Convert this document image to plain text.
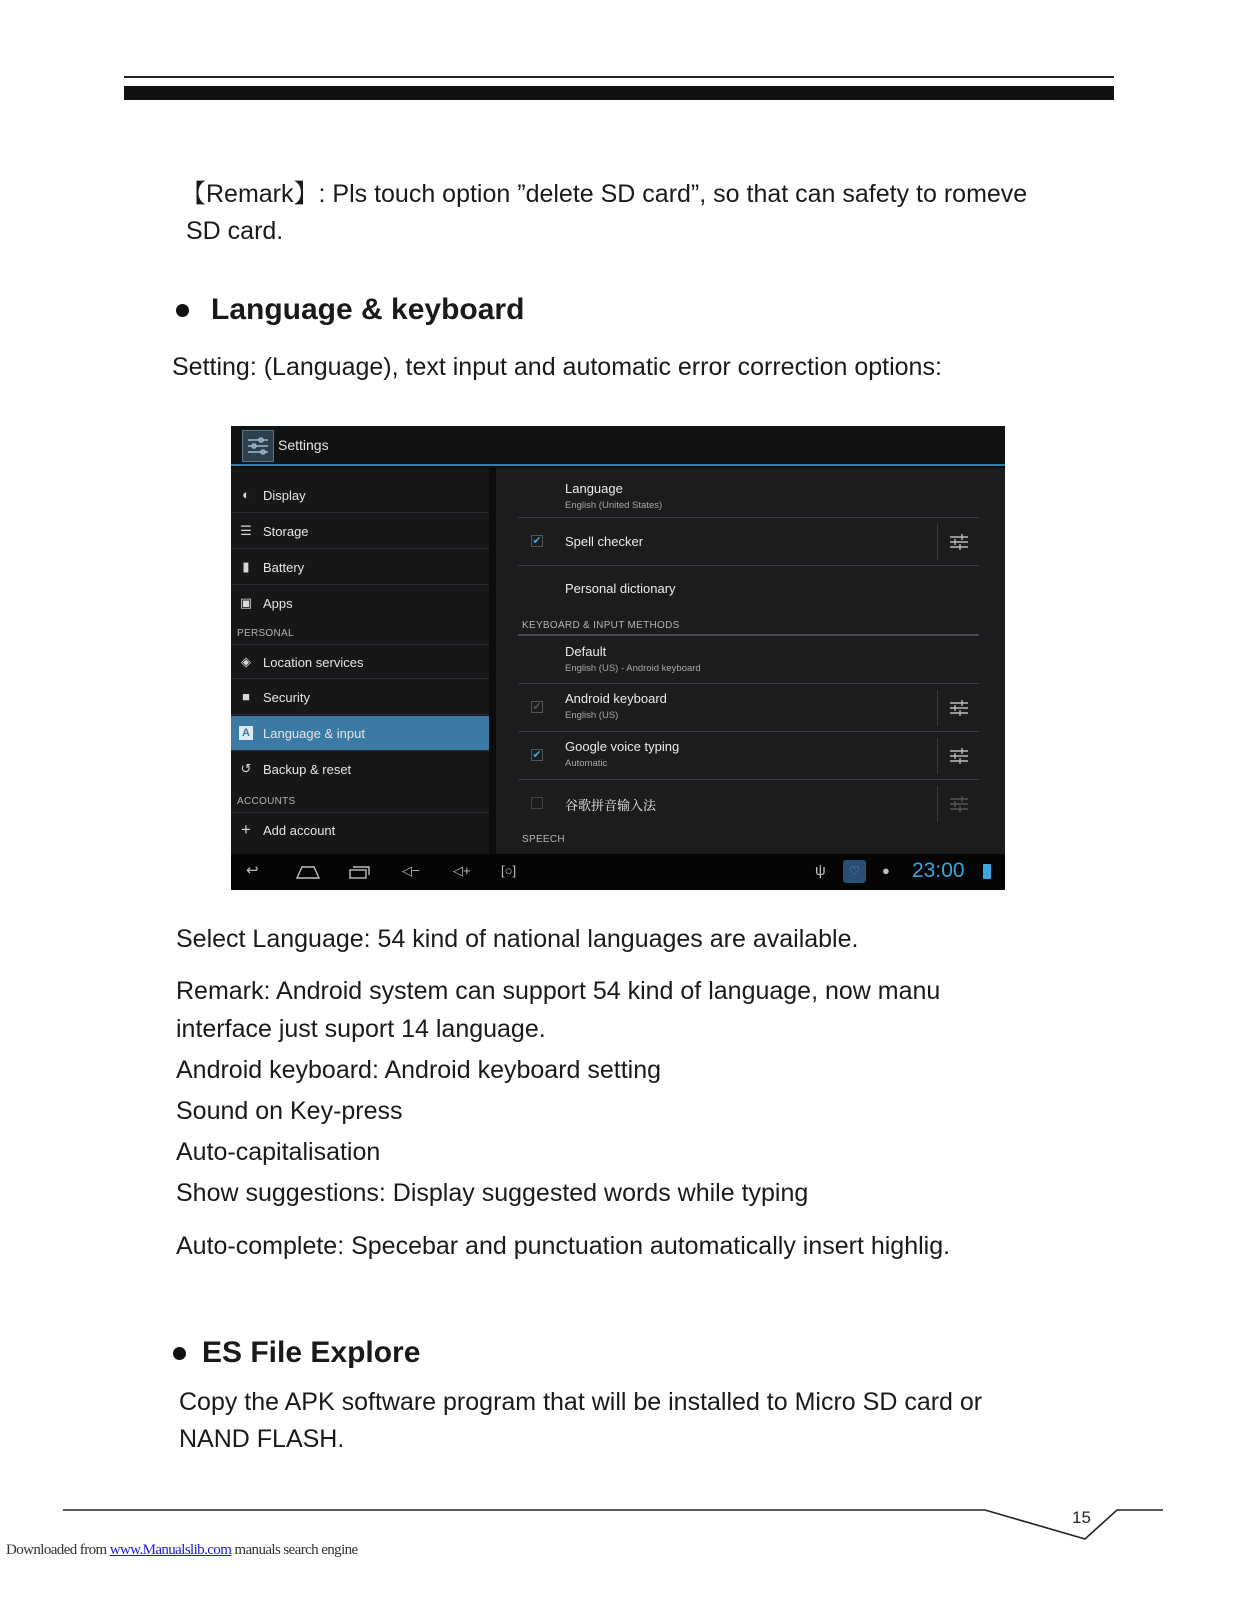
【Remark】: Pls touch option ”delete SD card”, so that can safety to romeve
SD card.
Language & keyboard
Setting: (Language), text input and automatic error correction options:
Settings
◐ Display
☰ Storage
▮ Battery
▣ Apps
PERSONAL
◈ Location services
■ Security
A Language & input
↺ Backup & reset
ACCOUNTS
+ Add account
Language
English (United States)
✔ Spell checker
Personal dictionary
KEYBOARD & INPUT METHODS
Default
English (US) - Android keyboard
✔
Android keyboard
English (US)
✔
Google voice typing
Automatic
谷歌拼音输入法
SPEECH
↩	◁−	◁+ [○]	ψ	♡	● 23:00
Select Language: 54 kind of national languages are available.
Remark: Android system can support 54 kind of language, now manu
interface just suport 14 language.
Android keyboard: Android keyboard setting
Sound on Key-press
Auto-capitalisation
Show suggestions: Display suggested words while typing
Auto-complete: Specebar and punctuation automatically insert highlig.
ES File Explore
Copy the APK software program that will be installed to Micro SD card or
NAND FLASH.
15
Downloaded from www.Manualslib.com manuals search engine
